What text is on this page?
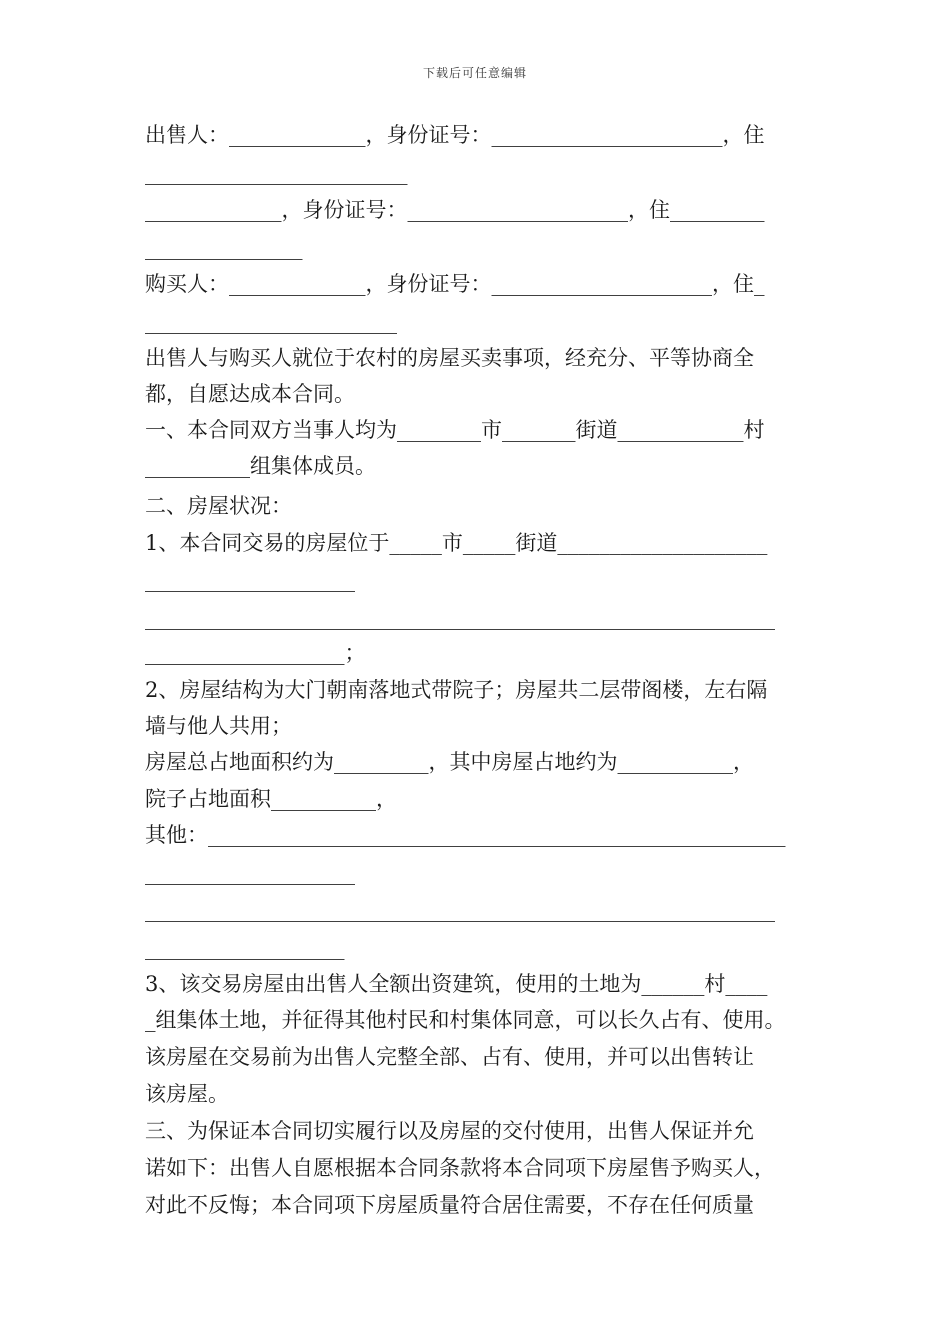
下载后可任意编辑
出售人：_____________，身份证号：______________________，住
_________________________
_____________，身份证号：_____________________，住_________
_______________
购买人：_____________，身份证号：_____________________，住_
________________________
出售人与购买人就位于农村的房屋买卖事项，经充分、平等协商全
都，自愿达成本合同。
一、本合同双方当事人均为________市_______街道____________村
__________组集体成员。
二、房屋状况：
1、本合同交易的房屋位于_____市_____街道____________________
____________________
____________________________________________________________
___________________；
2、房屋结构为大门朝南落地式带院子；房屋共二层带阁楼，左右隔
墙与他人共用；
房屋总占地面积约为_________，其中房屋占地约为___________，
院子占地面积__________，
其他：_______________________________________________________
____________________
____________________________________________________________
___________________
3、该交易房屋由出售人全额出资建筑，使用的土地为______村____
_组集体土地，并征得其他村民和村集体同意，可以长久占有、使用。
该房屋在交易前为出售人完整全部、占有、使用，并可以出售转让
该房屋。
三、为保证本合同切实履行以及房屋的交付使用，出售人保证并允
诺如下：出售人自愿根据本合同条款将本合同项下房屋售予购买人，
对此不反悔；本合同项下房屋质量符合居住需要，不存在任何质量
